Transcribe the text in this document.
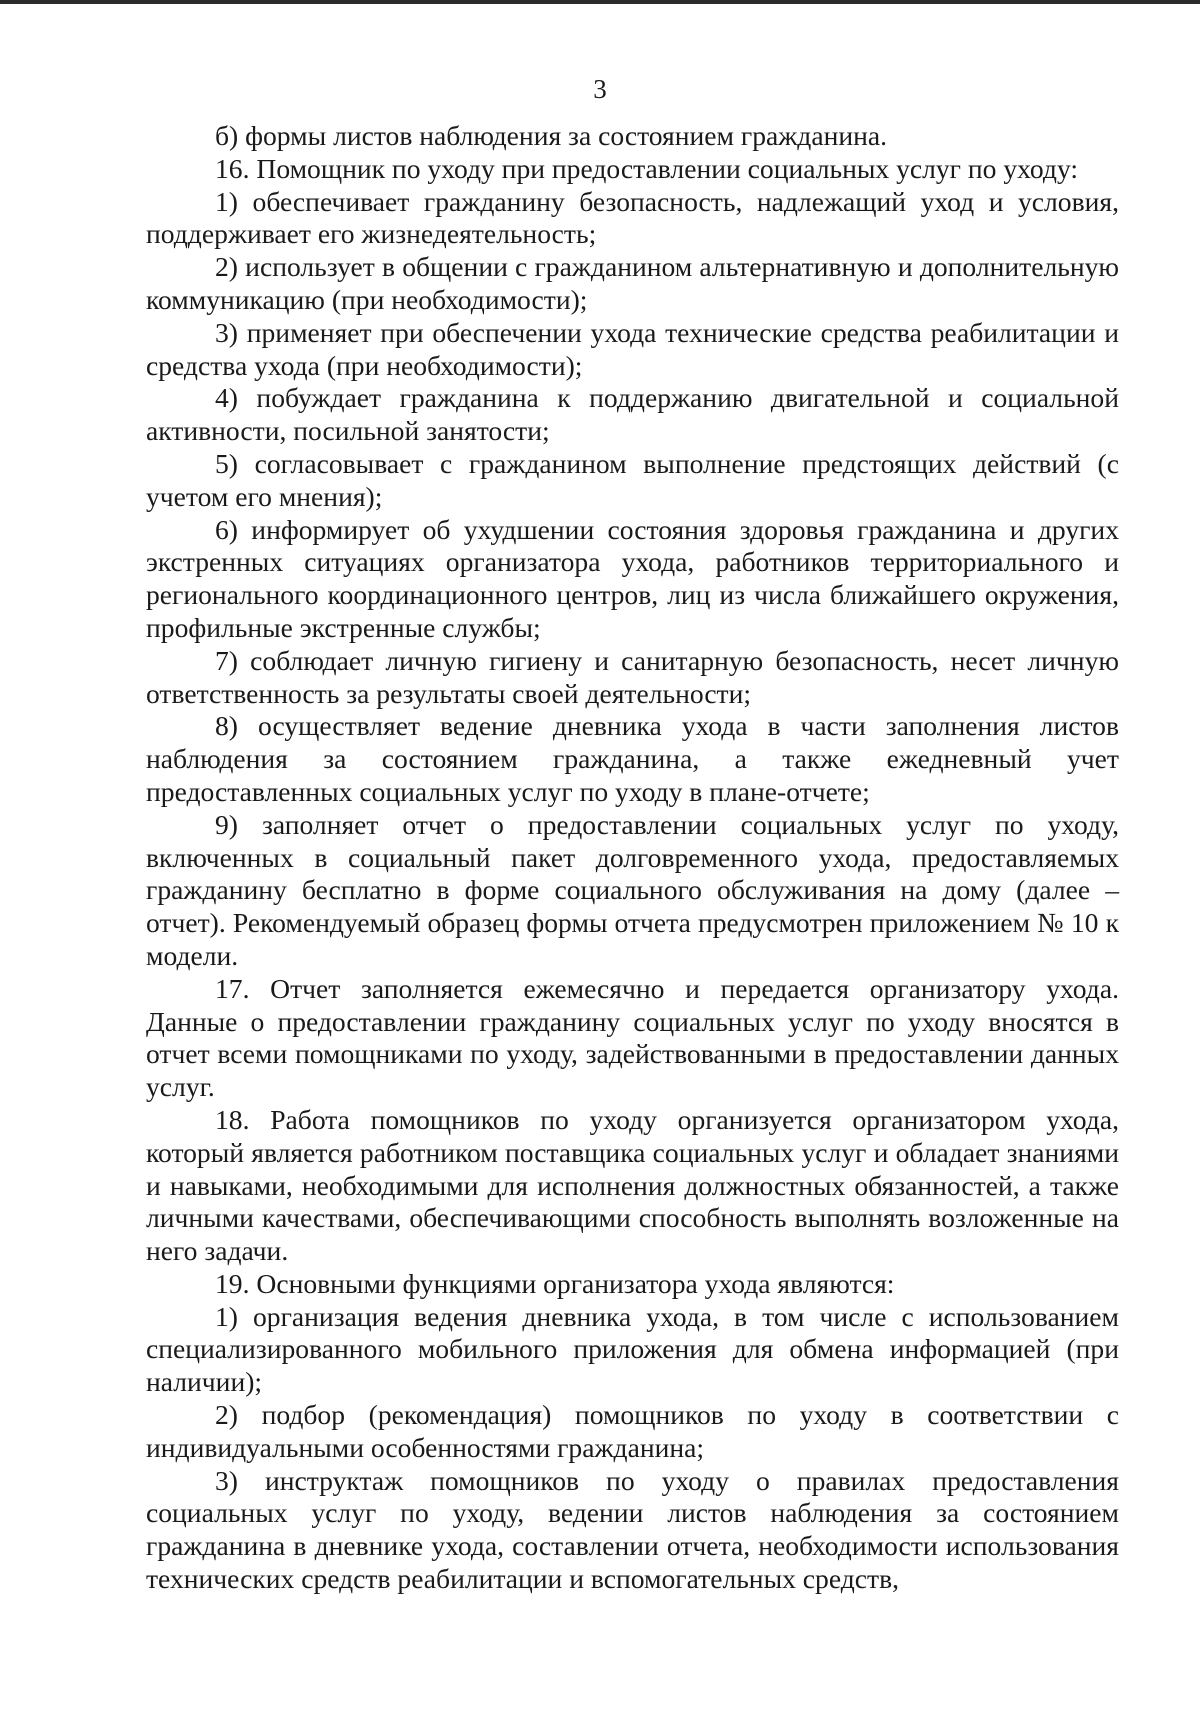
3

б) формы листов наблюдения за состоянием гражданина.

16. Помощник по уходу при предоставлении социальных услуг по уходу:

1) обеспечивает гражданину безопасность, надлежащий уход и условия, поддерживает его жизнедеятельность;

2) использует в общении с гражданином альтернативную и дополнительную коммуникацию (при необходимости);

3) применяет при обеспечении ухода технические средства реабилитации и средства ухода (при необходимости);

4) побуждает гражданина к поддержанию двигательной и социальной активности, посильной занятости;

5) согласовывает с гражданином выполнение предстоящих действий (с учетом его мнения);

6) информирует об ухудшении состояния здоровья гражданина и других экстренных ситуациях организатора ухода, работников территориального и регионального координационного центров, лиц из числа ближайшего окружения, профильные экстренные службы;

7) соблюдает личную гигиену и санитарную безопасность, несет личную ответственность за результаты своей деятельности;

8) осуществляет ведение дневника ухода в части заполнения листов наблюдения за состоянием гражданина, а также ежедневный учет предоставленных социальных услуг по уходу в плане-отчете;

9) заполняет отчет о предоставлении социальных услуг по уходу, включенных в социальный пакет долговременного ухода, предоставляемых гражданину бесплатно в форме социального обслуживания на дому (далее – отчет). Рекомендуемый образец формы отчета предусмотрен приложением № 10 к модели.

17. Отчет заполняется ежемесячно и передается организатору ухода. Данные о предоставлении гражданину социальных услуг по уходу вносятся в отчет всеми помощниками по уходу, задействованными в предоставлении данных услуг.

18. Работа помощников по уходу организуется организатором ухода, который является работником поставщика социальных услуг и обладает знаниями и навыками, необходимыми для исполнения должностных обязанностей, а также личными качествами, обеспечивающими способность выполнять возложенные на него задачи.

19. Основными функциями организатора ухода являются:

1) организация ведения дневника ухода, в том числе с использованием специализированного мобильного приложения для обмена информацией (при наличии);

2) подбор (рекомендация) помощников по уходу в соответствии с индивидуальными особенностями гражданина;

3) инструктаж помощников по уходу о правилах предоставления социальных услуг по уходу, ведении листов наблюдения за состоянием гражданина в дневнике ухода, составлении отчета, необходимости использования технических средств реабилитации и вспомогательных средств,
